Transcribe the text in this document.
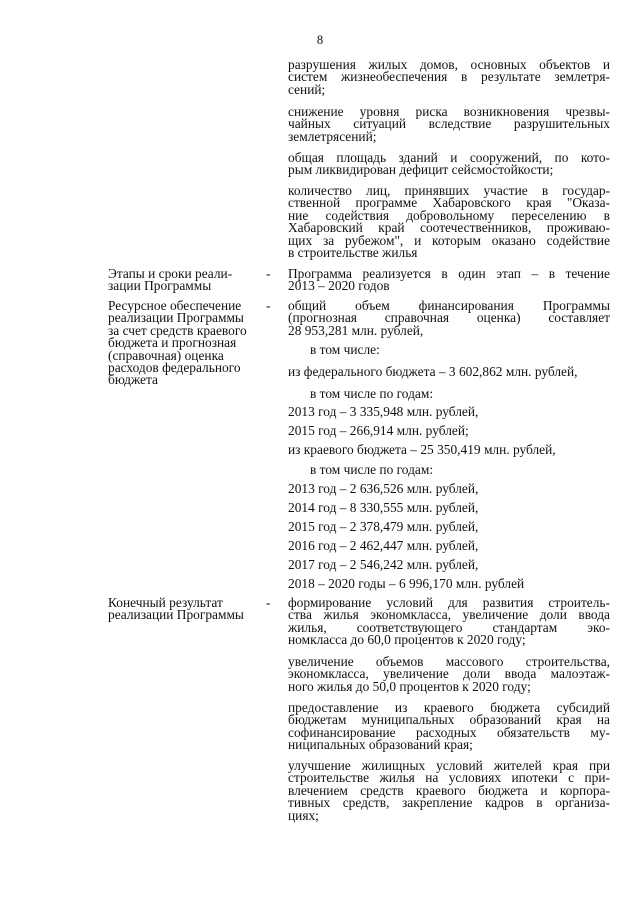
8
разрушения жилых домов, основных объектов и
систем жизнеобеспечения в результате землетря-
сений;
снижение уровня риска возникновения чрезвы-
чайных ситуаций вследствие разрушительных
землетрясений;
общая площадь зданий и сооружений, по кото-
рым ликвидирован дефицит сейсмостойкости;
количество лиц, принявших участие в государ-
ственной программе Хабаровского края "Оказа-
ние содействия добровольному переселению в
Хабаровский край соотечественников, проживаю-
щих за рубежом", и которым оказано содействие
в строительстве жилья
Этапы и сроки реали-
зации Программы
- Программа реализуется в один этап – в течение
2013 – 2020 годов
Ресурсное обеспечение
реализации Программы
за счет средств краевого
бюджета и прогнозная
(справочная) оценка
расходов федерального
бюджета
- общий объем финансирования Программы
(прогнозная справочная оценка) составляет
28 953,281 млн. рублей,
в том числе:
из федерального бюджета – 3 602,862 млн. рублей,
в том числе по годам:
2013 год – 3 335,948 млн. рублей,
2015 год – 266,914 млн. рублей;
из краевого бюджета – 25 350,419 млн. рублей,
в том числе по годам:
2013 год – 2 636,526 млн. рублей,
2014 год – 8 330,555 млн. рублей,
2015 год – 2 378,479 млн. рублей,
2016 год – 2 462,447 млн. рублей,
2017 год – 2 546,242 млн. рублей,
2018 – 2020 годы – 6 996,170 млн. рублей
Конечный результат
реализации Программы
- формирование условий для развития строитель-
ства жилья экономкласса, увеличение доли ввода
жилья, соответствующего стандартам эко-
номкласса до 60,0 процентов к 2020 году;
увеличение объемов массового строительства,
экономкласса, увеличение доли ввода малоэтаж-
ного жилья до 50,0 процентов к 2020 году;
предоставление из краевого бюджета субсидий
бюджетам муниципальных образований края на
софинансирование расходных обязательств му-
ниципальных образований края;
улучшение жилищных условий жителей края при
строительстве жилья на условиях ипотеки с при-
влечением средств краевого бюджета и корпора-
тивных средств, закрепление кадров в организа-
циях;
